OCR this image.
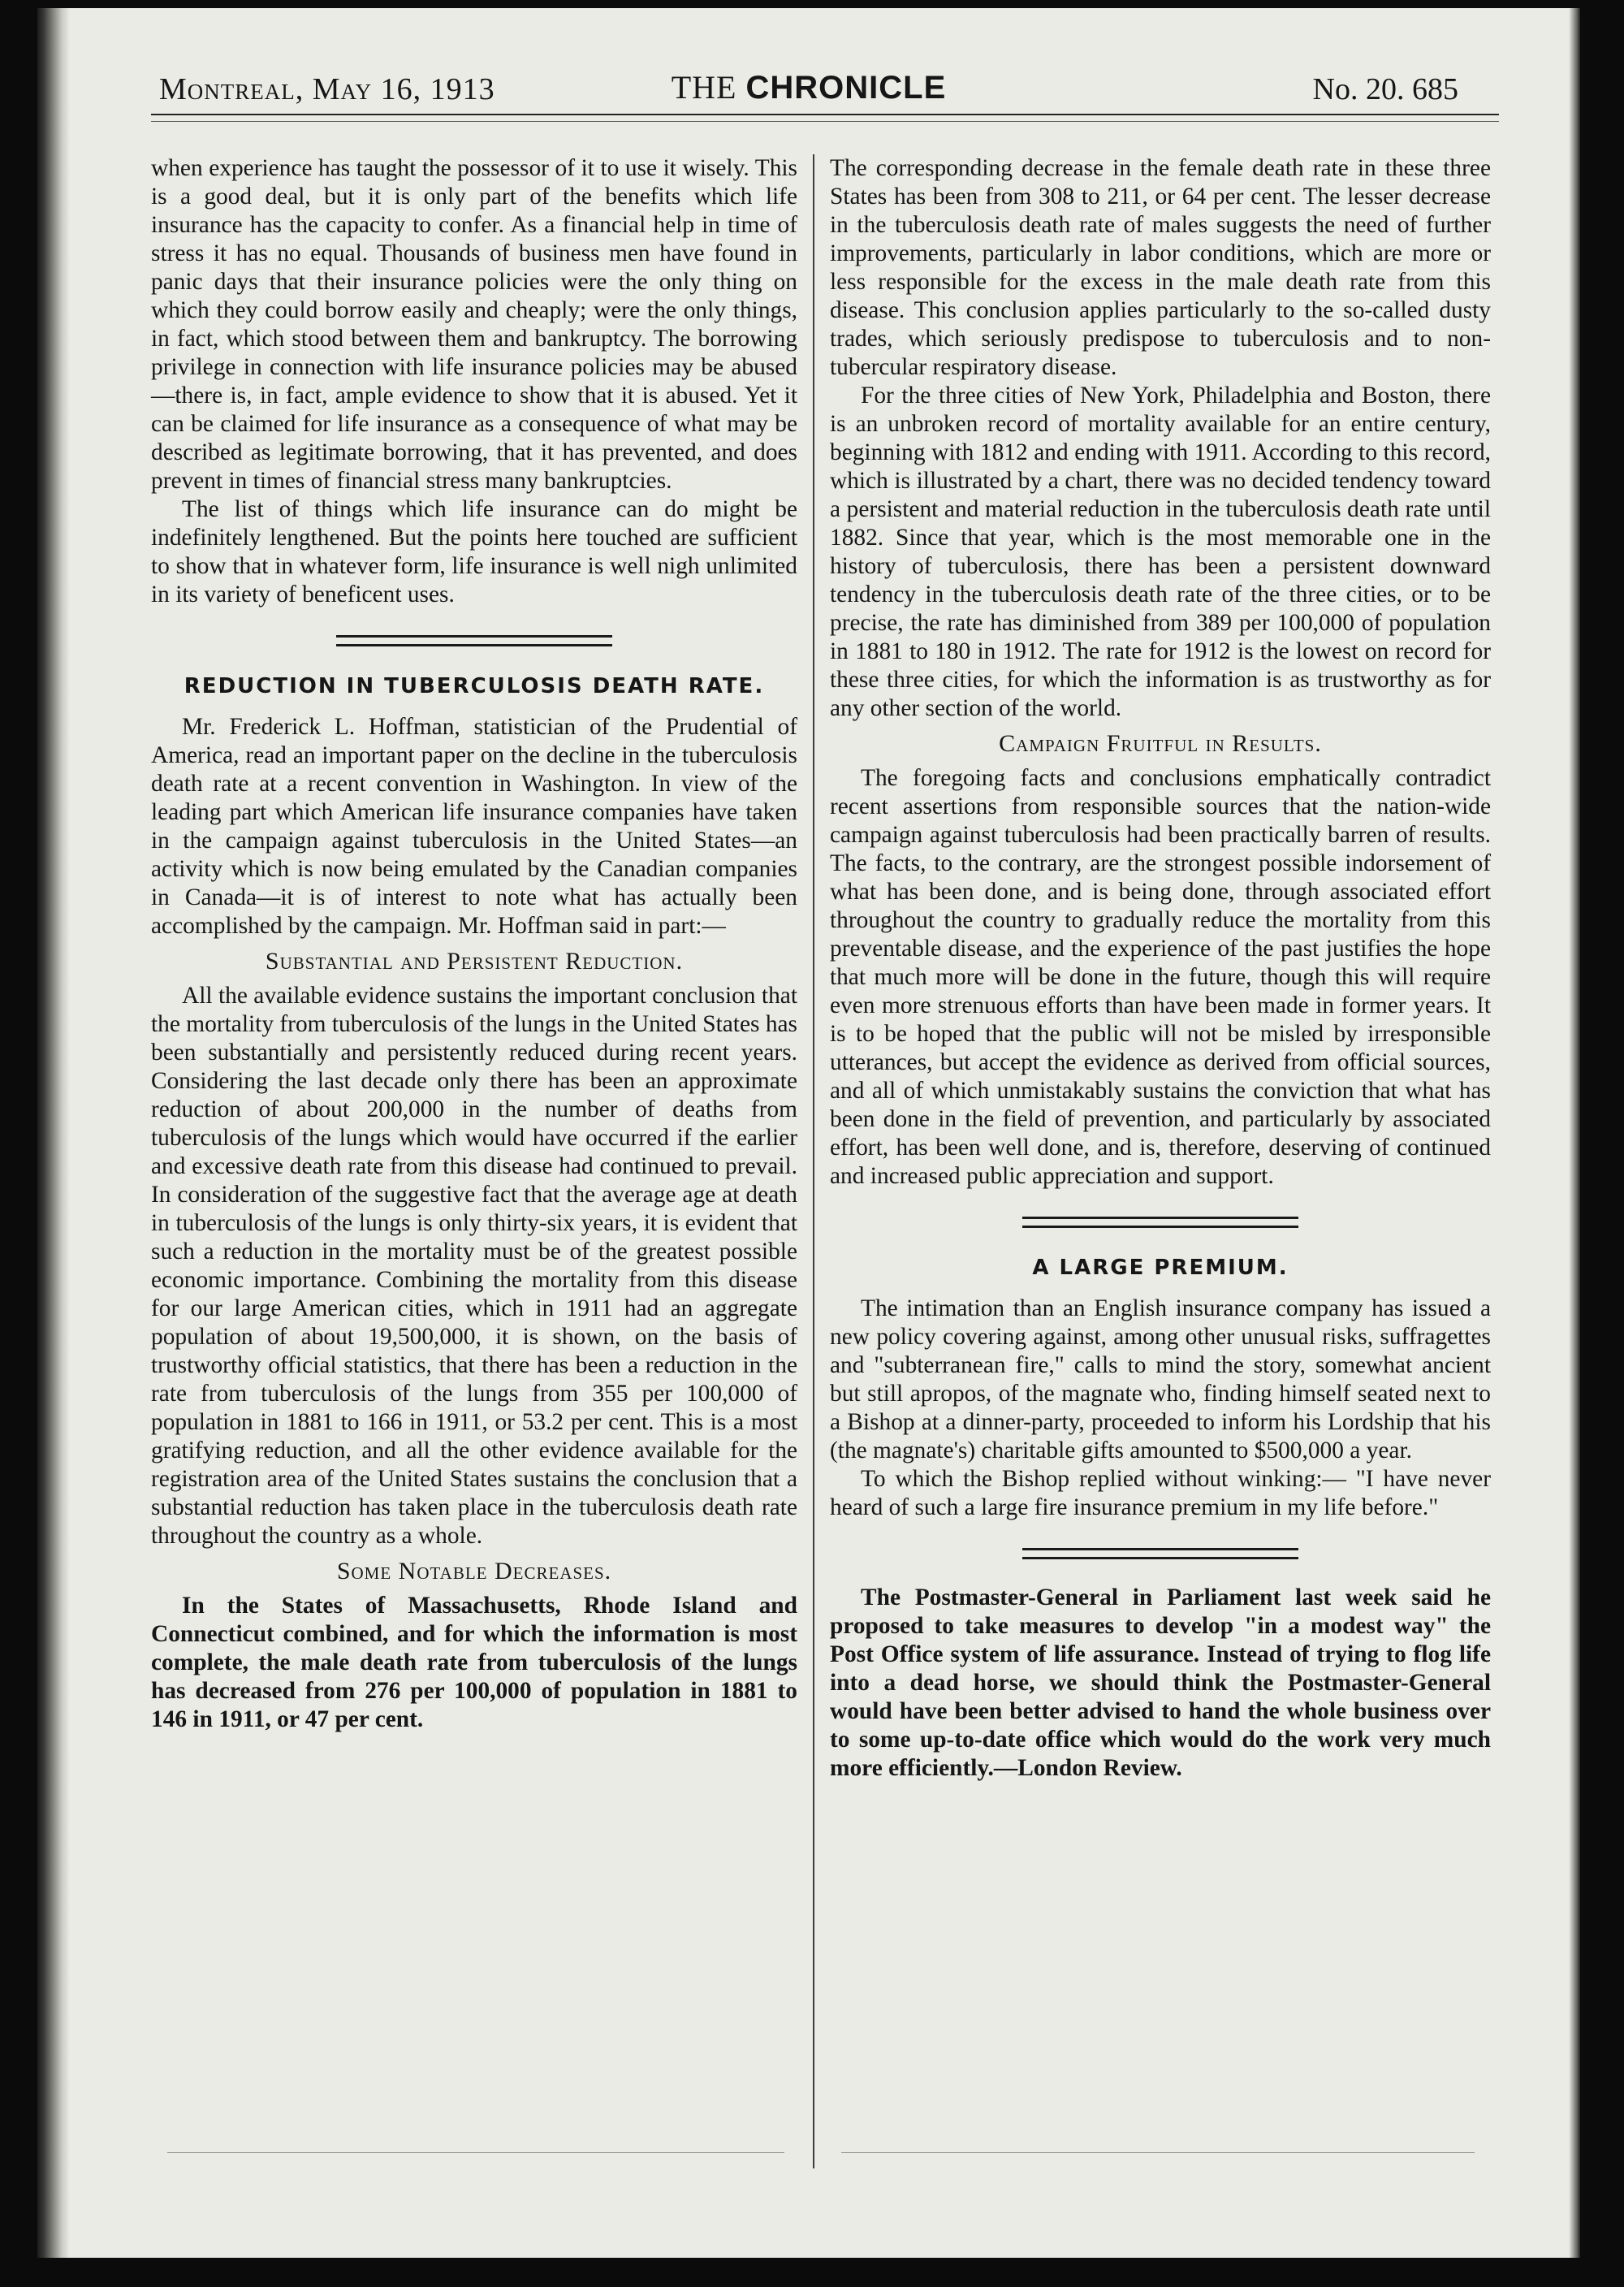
Montreal, May 16, 1913	THE CHRONICLE	No. 20. 685

when experience has taught the possessor of it to use it wisely. This is a good deal, but it is only part of the benefits which life insurance has the capacity to confer. As a financial help in time of stress it has no equal. Thousands of business men have found in panic days that their insurance policies were the only thing on which they could borrow easily and cheaply; were the only things, in fact, which stood between them and bankruptcy. The borrowing privilege in connection with life insurance policies may be abused—there is, in fact, ample evidence to show that it is abused. Yet it can be claimed for life insurance as a consequence of what may be described as legitimate borrowing, that it has prevented, and does prevent in times of financial stress many bankruptcies.

The list of things which life insurance can do might be indefinitely lengthened. But the points here touched are sufficient to show that in whatever form, life insurance is well nigh unlimited in its variety of beneficent uses.

REDUCTION IN TUBERCULOSIS DEATH RATE.

Mr. Frederick L. Hoffman, statistician of the Prudential of America, read an important paper on the decline in the tuberculosis death rate at a recent convention in Washington. In view of the leading part which American life insurance companies have taken in the campaign against tuberculosis in the United States—an activity which is now being emulated by the Canadian companies in Canada—it is of interest to note what has actually been accomplished by the campaign. Mr. Hoffman said in part:—

Substantial and Persistent Reduction.

All the available evidence sustains the important conclusion that the mortality from tuberculosis of the lungs in the United States has been substantially and persistently reduced during recent years. Considering the last decade only there has been an approximate reduction of about 200,000 in the number of deaths from tuberculosis of the lungs which would have occurred if the earlier and excessive death rate from this disease had continued to prevail. In consideration of the suggestive fact that the average age at death in tuberculosis of the lungs is only thirty-six years, it is evident that such a reduction in the mortality must be of the greatest possible economic importance. Combining the mortality from this disease for our large American cities, which in 1911 had an aggregate population of about 19,500,000, it is shown, on the basis of trustworthy official statistics, that there has been a reduction in the rate from tuberculosis of the lungs from 355 per 100,000 of population in 1881 to 166 in 1911, or 53.2 per cent. This is a most gratifying reduction, and all the other evidence available for the registration area of the United States sustains the conclusion that a substantial reduction has taken place in the tuberculosis death rate throughout the country as a whole.

Some Notable Decreases.

In the States of Massachusetts, Rhode Island and Connecticut combined, and for which the information is most complete, the male death rate from tuberculosis of the lungs has decreased from 276 per 100,000 of population in 1881 to 146 in 1911, or 47 per cent.

The corresponding decrease in the female death rate in these three States has been from 308 to 211, or 64 per cent. The lesser decrease in the tuberculosis death rate of males suggests the need of further improvements, particularly in labor conditions, which are more or less responsible for the excess in the male death rate from this disease. This conclusion applies particularly to the so-called dusty trades, which seriously predispose to tuberculosis and to non-tubercular respiratory disease.

For the three cities of New York, Philadelphia and Boston, there is an unbroken record of mortality available for an entire century, beginning with 1812 and ending with 1911. According to this record, which is illustrated by a chart, there was no decided tendency toward a persistent and material reduction in the tuberculosis death rate until 1882. Since that year, which is the most memorable one in the history of tuberculosis, there has been a persistent downward tendency in the tuberculosis death rate of the three cities, or to be precise, the rate has diminished from 389 per 100,000 of population in 1881 to 180 in 1912. The rate for 1912 is the lowest on record for these three cities, for which the information is as trustworthy as for any other section of the world.

Campaign Fruitful in Results.

The foregoing facts and conclusions emphatically contradict recent assertions from responsible sources that the nation-wide campaign against tuberculosis had been practically barren of results. The facts, to the contrary, are the strongest possible indorsement of what has been done, and is being done, through associated effort throughout the country to gradually reduce the mortality from this preventable disease, and the experience of the past justifies the hope that much more will be done in the future, though this will require even more strenuous efforts than have been made in former years. It is to be hoped that the public will not be misled by irresponsible utterances, but accept the evidence as derived from official sources, and all of which unmistakably sustains the conviction that what has been done in the field of prevention, and particularly by associated effort, has been well done, and is, therefore, deserving of continued and increased public appreciation and support.

A LARGE PREMIUM.

The intimation than an English insurance company has issued a new policy covering against, among other unusual risks, suffragettes and "subterranean fire," calls to mind the story, somewhat ancient but still apropos, of the magnate who, finding himself seated next to a Bishop at a dinner-party, proceeded to inform his Lordship that his (the magnate's) charitable gifts amounted to $500,000 a year.

To which the Bishop replied without winking:— "I have never heard of such a large fire insurance premium in my life before."

The Postmaster-General in Parliament last week said he proposed to take measures to develop "in a modest way" the Post Office system of life assurance. Instead of trying to flog life into a dead horse, we should think the Postmaster-General would have been better advised to hand the whole business over to some up-to-date office which would do the work very much more efficiently.—London Review.
